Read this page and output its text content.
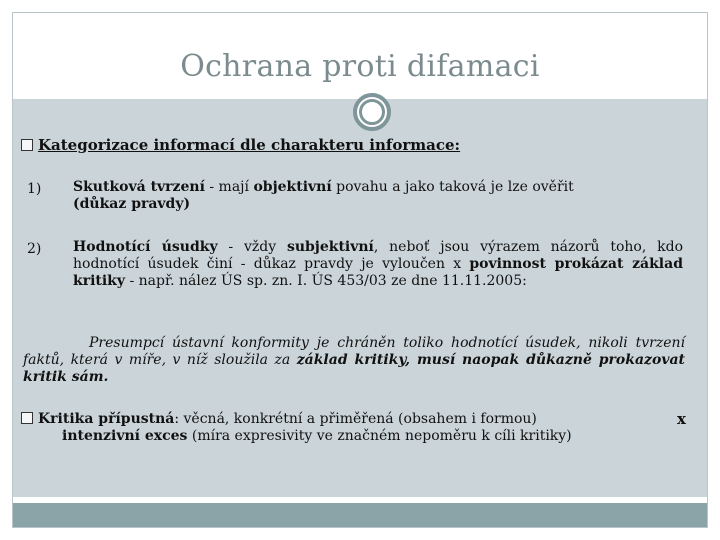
Ochrana proti difamaci
Kategorizace informací dle charakteru informace:
1) Skutková tvrzení - mají objektivní povahu a jako taková je lze ověřit
(důkaz pravdy)
2) Hodnotící úsudky - vždy subjektivní, neboť jsou výrazem názorů toho, kdo hodnotící úsudek činí - důkaz pravdy je vyloučen x povinnost prokázat základ kritiky - např. nález ÚS sp. zn. I. ÚS 453/03 ze dne 11.11.2005:
Presumpcí ústavní konformity je chráněn toliko hodnotící úsudek, nikoli tvrzení faktů, která v míře, v níž sloužila za základ kritiky, musí naopak důkazně prokazovat kritik sám.
Kritika přípustná: věcná, konkrétní a přiměřená (obsahem i formou)
intenzivní exces (míra expresivity ve značném nepoměru k cíli kritiky)
x
